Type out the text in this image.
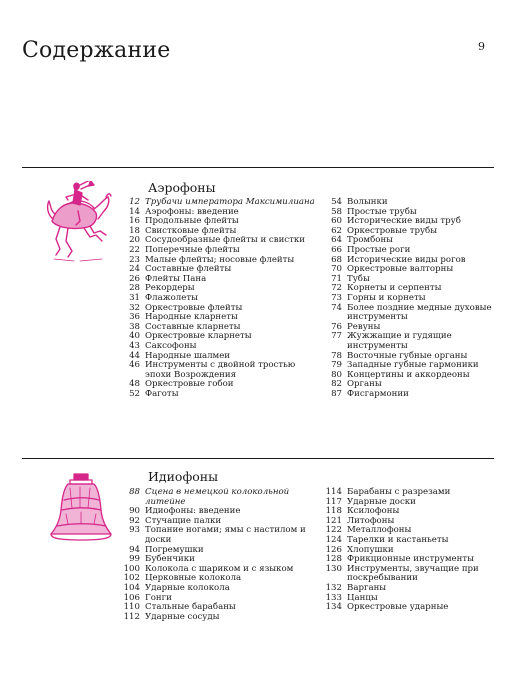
Содержание	9
Аэрофоны
12 Трубачи императора Максимилиана
14 Аэрофоны: введение
16 Продольные флейты
18 Свистковые флейты
20 Сосудообразные флейты и свистки
22 Поперечные флейты
23 Малые флейты; носовые флейты
24 Составные флейты
26 Флейты Пана
28 Рекордеры
31 Флажолеты
32 Оркестровые флейты
36 Народные кларнеты
38 Составные кларнеты
40 Оркестровые кларнеты
43 Саксофоны
44 Народные шалмеи
46 Инструменты с двойной тростью эпохи Возрождения
48 Оркестровые гобои
52 Фаготы
54 Волынки
58 Простые трубы
60 Исторические виды труб
62 Оркестровые трубы
64 Тромбоны
66 Простые роги
68 Исторические виды рогов
70 Оркестровые валторны
71 Тубы
72 Корнеты и серпенты
73 Горны и корнеты
74 Более поздние медные духовые инструменты
76 Ревуны
77 Жужжащие и гудящие инструменты
78 Восточные губные органы
79 Западные губные гармоники
80 Концертины и аккордеоны
82 Органы
87 Фисгармонии
Идиофоны
88 Сцена в немецкой колокольной литейне
90 Идиофоны: введение
92 Стучащие палки
93 Топание ногами; ямы с настилом и доски
94 Погремушки
99 Бубенчики
100 Колокола с шариком и с языком
102 Церковные колокола
104 Ударные колокола
106 Гонги
110 Стальные барабаны
112 Ударные сосуды
114 Барабаны с разрезами
117 Ударные доски
118 Ксилофоны
121 Литофоны
122 Металлофоны
124 Тарелки и кастаньеты
126 Хлопушки
128 Фрикционные инструменты
130 Инструменты, звучащие при поскребывании
132 Варганы
133 Цанцы
134 Оркестровые ударные
